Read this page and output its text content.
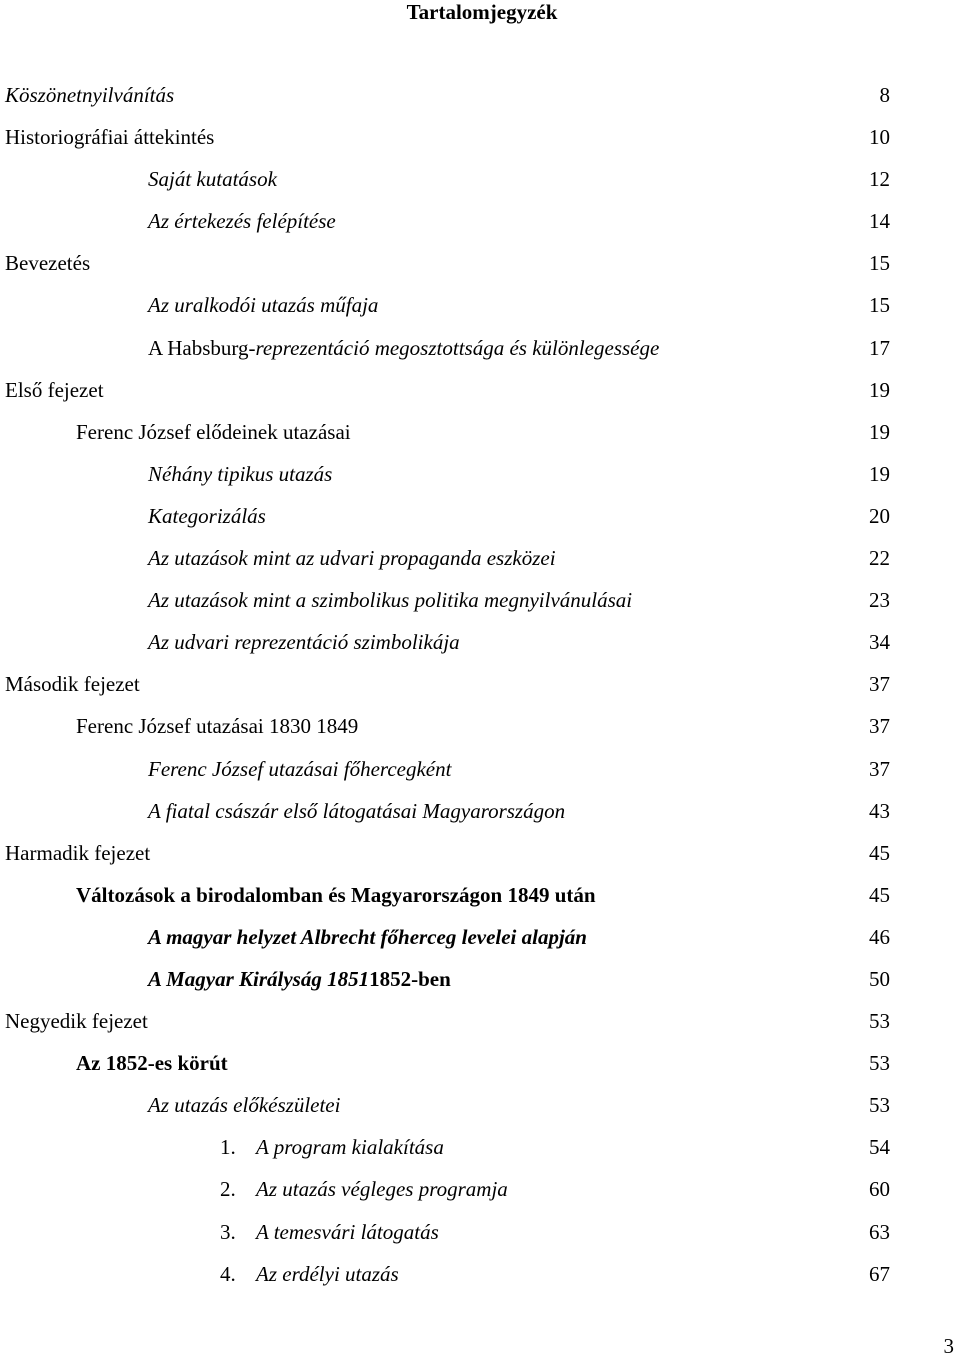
Tartalomjegyzék
Köszönetnyilvánítás	8
Historiográfiai áttekintés	10
Saját kutatások	12
Az értekezés felépítése	14
Bevezetés	15
Az uralkodói utazás műfaja	15
A Habsburg-reprezentáció megosztottsága és különlegessége	17
Első fejezet	19
Ferenc József elődeinek utazásai	19
Néhány tipikus utazás	19
Kategorizálás	20
Az utazások mint az udvari propaganda eszközei	22
Az utazások mint a szimbolikus politika megnyilvánulásai	23
Az udvari reprezentáció szimbolikája	34
Második fejezet	37
Ferenc József utazásai 1830 1849	37
Ferenc József utazásai főhercegként	37
A fiatal császár első látogatásai Magyarországon	43
Harmadik fejezet	45
Változások a birodalomban és Magyarországon 1849 után	45
A magyar helyzet Albrecht főherceg levelei alapján	46
A Magyar Királyság 18511852-ben	50
Negyedik fejezet	53
Az 1852-es körút	53
Az utazás előkészületei	53
1. A program kialakítása	54
2. Az utazás végleges programja	60
3. A temesvári látogatás	63
4. Az erdélyi utazás	67
3
